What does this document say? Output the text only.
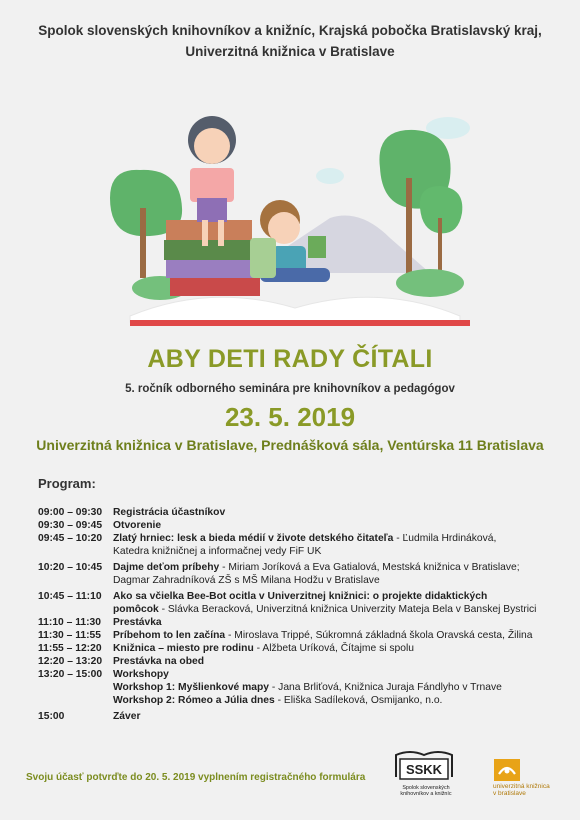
Spolok slovenských knihovníkov a knižníc, Krajská pobočka Bratislavský kraj,
Univerzitná knižnica v Bratislave
ABY DETI RADY ČÍTALI
5. ročník odborného seminára pre knihovníkov a pedagógov
23. 5. 2019
Univerzitná knižnica v Bratislave, Prednášková sála, Ventúrska 11 Bratislava
Program:
09:00 – 09:30	Registrácia účastníkov
09:30 – 09:45	Otvorenie
09:45 – 10:20	Zlatý hrniec: lesk a bieda médií v živote detského čitateľa - Ľudmila Hrdináková,
Katedra knižničnej a informačnej vedy FiF UK
10:20 – 10:45	Dajme deťom príbehy - Miriam Joríková a Eva Gatialová, Mestská knižnica v Bratislave;
Dagmar Zahradníková ZŠ s MŠ Milana Hodžu v Bratislave
10:45 – 11:10	Ako sa včielka Bee-Bot ocitla v Univerzitnej knižnici: o projekte didaktických
pomôcok - Slávka Beracková, Univerzitná knižnica Univerzity Mateja Bela v Banskej Bystrici
11:10 – 11:30	Prestávka
11:30 – 11:55	Príbehom to len začína - Miroslava Trippé, Súkromná základná škola Oravská cesta, Žilina
11:55 – 12:20	Knižnica – miesto pre rodinu - Alžbeta Uríková, Čítajme si spolu
12:20 – 13:20	Prestávka na obed
13:20 – 15:00	Workshopy
Workshop 1: Myšlienkové mapy - Jana Brliťová, Knižnica Juraja Fándlyho v Trnave
Workshop 2: Rómeo a Júlia dnes - Eliška Sadíleková, Osmijanko, n.o.
15:00	Záver
Svoju účasť potvrďte do 20. 5. 2019 vyplnením registračného formulára
SSKK
Spolok slovenských
knihovníkov a knižníc
univerzitná knižnica
v bratislave
